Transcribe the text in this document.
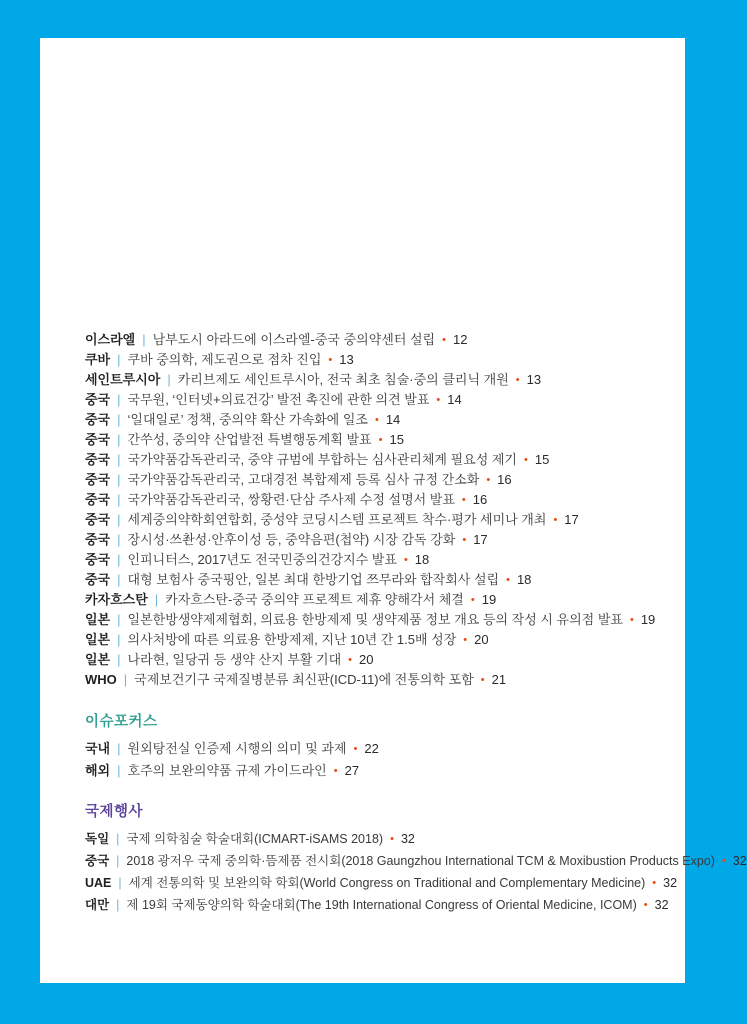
이스라엘 | 남부도시 아라드에 이스라엘-중국 중의약센터 설립 • 12
쿠바 | 쿠바 중의학, 제도권으로 점차 진입 • 13
세인트루시아 | 카리브제도 세인트루시아, 전국 최초 침술·중의 클리닉 개원 • 13
중국 | 국무원, ‘인터넷+의료건강’ 발전 촉진에 관한 의견 발표 • 14
중국 | ‘일대일로’ 정책, 중의약 확산 가속화에 일조 • 14
중국 | 간쑤성, 중의약 산업발전 특별행동계획 발표 • 15
중국 | 국가약품감독관리국, 중약 규범에 부합하는 심사관리체계 필요성 제기 • 15
중국 | 국가약품감독관리국, 고대경전 복합제제 등록 심사 규정 간소화 • 16
중국 | 국가약품감독관리국, 쌍황련·단삼 주사제 수정 설명서 발표 • 16
중국 | 세계중의약학회연합회, 중성약 코딩시스템 프로젝트 착수·평가 세미나 개최 • 17
중국 | 장시성·쓰촨성·안후이성 등, 중약음편(첩약) 시장 감독 강화 • 17
중국 | 인피니터스, 2017년도 전국민중의건강지수 발표 • 18
중국 | 대형 보험사 중국핑안, 일본 최대 한방기업 쯔무라와 합작회사 설립 • 18
카자흐스탄 | 카자흐스탄-중국 중의약 프로젝트 제휴 양해각서 체결 • 19
일본 | 일본한방생약제제협회, 의료용 한방제제 및 생약제품 정보 개요 등의 작성 시 유의점 발표 • 19
일본 | 의사처방에 따른 의료용 한방제제, 지난 10년 간 1.5배 성장 • 20
일본 | 나라현, 일당귀 등 생약 산지 부활 기대 • 20
WHO | 국제보건기구 국제질병분류 최신판(ICD-11)에 전통의학 포함 • 21
이슈포커스
국내 | 원외탕전실 인증제 시행의 의미 및 과제 • 22
해외 | 호주의 보완의약품 규제 가이드라인 • 27
국제행사
독일 | 국제 의학침술 학술대회(ICMART-iSAMS 2018) • 32
중국 | 2018 광저우 국제 중의학·뜸제품 전시회(2018 Gaungzhou International TCM & Moxibustion Products Expo) • 32
UAE | 세계 전통의학 및 보완의학 학회(World Congress on Traditional and Complementary Medicine) • 32
대만 | 제 19회 국제동양의학 학술대회(The 19th International Congress of Oriental Medicine, ICOM) • 32
